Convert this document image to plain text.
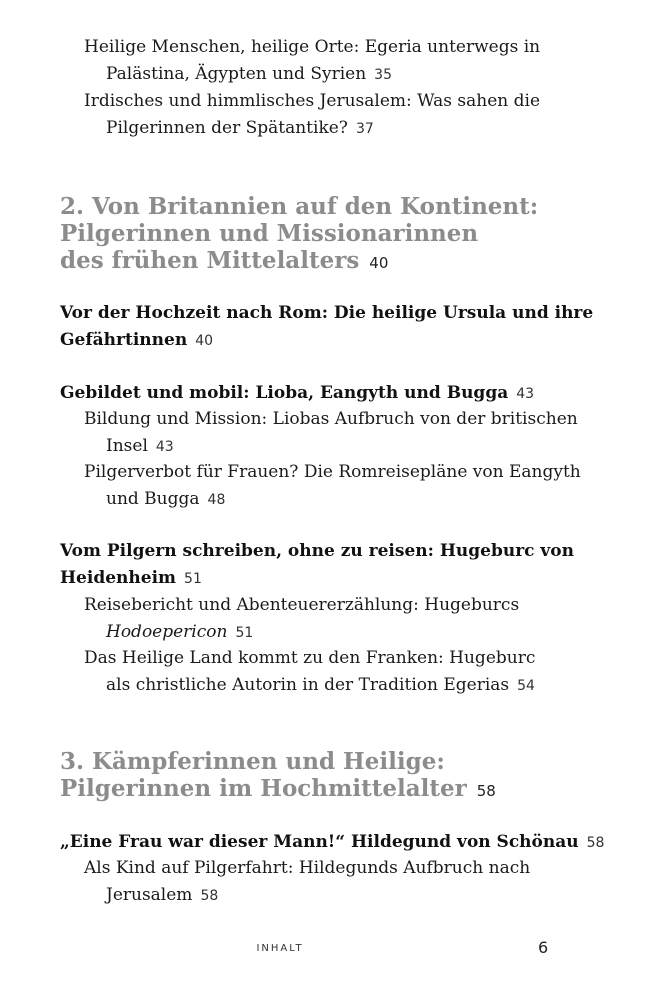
Heilige Menschen, heilige Orte: Egeria unterwegs in
Palästina, Ägypten und Syrien 35
Irdisches und himmlisches Jerusalem: Was sahen die
Pilgerinnen der Spätantike? 37
2. Von Britannien auf den Kontinent:
Pilgerinnen und Missionarinnen
des frühen Mittelalters 40
Vor der Hochzeit nach Rom: Die heilige Ursula und ihre
Gefährtinnen 40
Gebildet und mobil: Lioba, Eangyth und Bugga 43
Bildung und Mission: Liobas Aufbruch von der britischen
Insel 43
Pilgerverbot für Frauen? Die Romreisepläne von Eangyth
und Bugga 48
Vom Pilgern schreiben, ohne zu reisen: Hugeburc von
Heidenheim 51
Reisebericht und Abenteuererzählung: Hugeburcs
Hodoepericon 51
Das Heilige Land kommt zu den Franken: Hugeburc
als christliche Autorin in der Tradition Egerias 54
3. Kämpferinnen und Heilige:
Pilgerinnen im Hochmittelalter 58
„Eine Frau war dieser Mann!“ Hildegund von Schönau 58
Als Kind auf Pilgerfahrt: Hildegunds Aufbruch nach
Jerusalem 58
INHALT	6
